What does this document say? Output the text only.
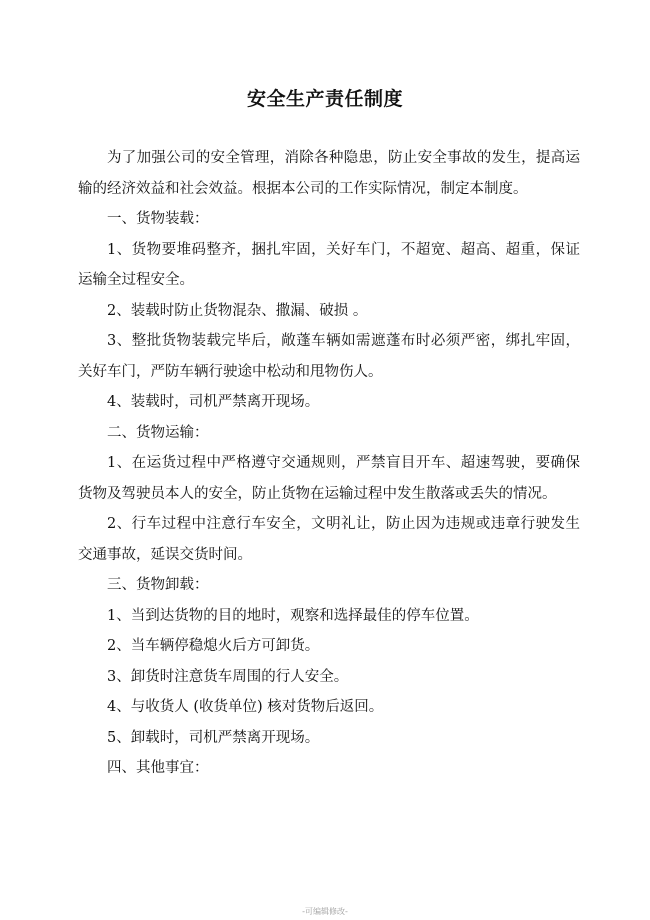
安全生产责任制度

为了加强公司的安全管理，消除各种隐患，防止安全事故的发生，提高运输的经济效益和社会效益。根据本公司的工作实际情况，制定本制度。

一、货物装载：

1、货物要堆码整齐，捆扎牢固，关好车门，不超宽、超高、超重，保证运输全过程安全。

2、装载时防止货物混杂、撒漏、破损 。

3、整批货物装载完毕后，敞蓬车辆如需遮蓬布时必须严密，绑扎牢固，关好车门，严防车辆行驶途中松动和甩物伤人。

4、装载时，司机严禁离开现场。

二、货物运输：

1、在运货过程中严格遵守交通规则，严禁盲目开车、超速驾驶，要确保货物及驾驶员本人的安全，防止货物在运输过程中发生散落或丢失的情况。

2、行车过程中注意行车安全，文明礼让，防止因为违规或违章行驶发生交通事故，延误交货时间。

三、货物卸载：

1、当到达货物的目的地时，观察和选择最佳的停车位置。

2、当车辆停稳熄火后方可卸货。

3、卸货时注意货车周围的行人安全。

4、与收货人 (收货单位) 核对货物后返回。

5、卸载时，司机严禁离开现场。

四、其他事宜：

-可编辑修改-
